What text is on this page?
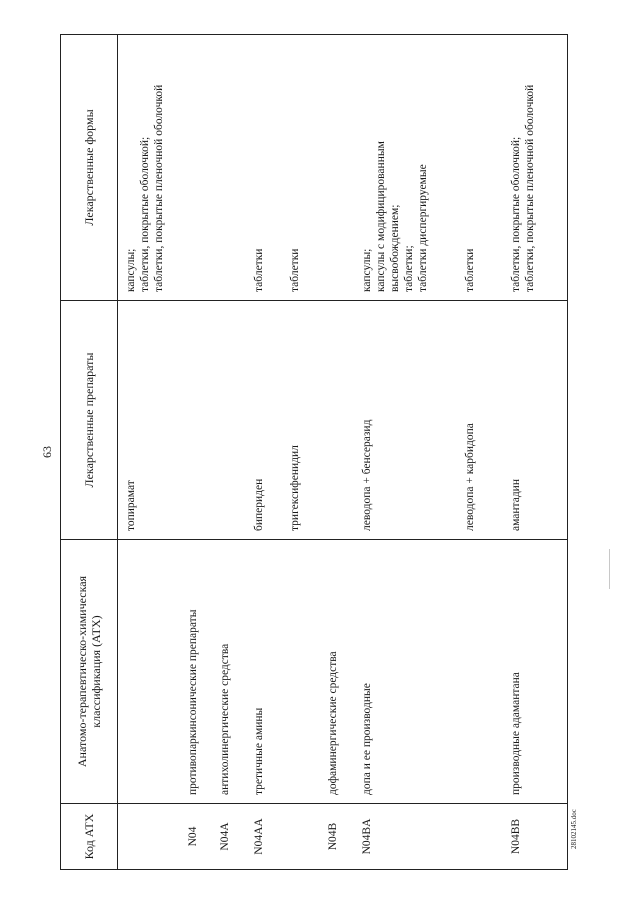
63
Код АТХ	Анатомо-терапевтическо-химическая классификация (АТХ)	Лекарственные препараты	Лекарственные формы
		топирамат	капсулы; таблетки, покрытые оболочкой; таблетки, покрытые пленочной оболочкой

N04	противопаркинсонические препараты		
N04A	антихолинергические средства		
N04AA	третичные амины	бипериден	таблетки

		тригексифенидил	таблетки

N04B	дофаминергические средства		
N04BA	допа и ее производные	леводопа + бенсеразид	капсулы; капсулы с модифицированным высвобождением; таблетки; таблетки диспергируемые

		леводопа + карбидопа	таблетки

N04BB	производные адамантана	амантадин	таблетки, покрытые оболочкой; таблетки, покрытые пленочной оболочкой
28102145.doc
